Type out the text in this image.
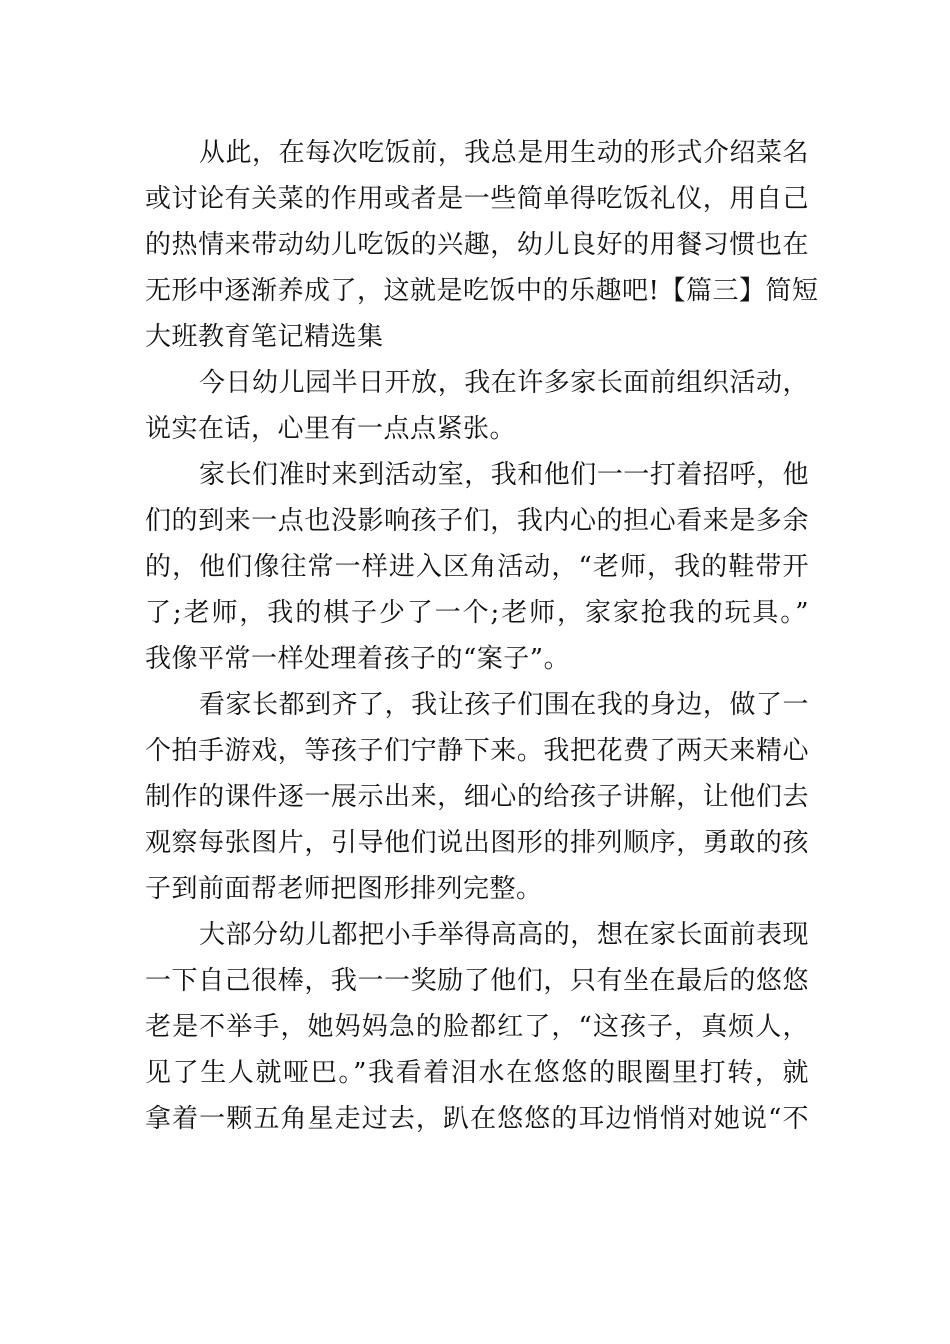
从此，在每次吃饭前，我总是用生动的形式介绍菜名
或讨论有关菜的作用或者是一些简单得吃饭礼仪，用自己
的热情来带动幼儿吃饭的兴趣，幼儿良好的用餐习惯也在
无形中逐渐养成了，这就是吃饭中的乐趣吧!【篇三】简短
大班教育笔记精选集
今日幼儿园半日开放，我在许多家长面前组织活动，
说实在话，心里有一点点紧张。
家长们准时来到活动室，我和他们一一打着招呼，他
们的到来一点也没影响孩子们，我内心的担心看来是多余
的，他们像往常一样进入区角活动，“老师，我的鞋带开
了;老师，我的棋子少了一个;老师，家家抢我的玩具。”
我像平常一样处理着孩子的“案子”。
看家长都到齐了，我让孩子们围在我的身边，做了一
个拍手游戏，等孩子们宁静下来。我把花费了两天来精心
制作的课件逐一展示出来，细心的给孩子讲解，让他们去
观察每张图片，引导他们说出图形的排列顺序，勇敢的孩
子到前面帮老师把图形排列完整。
大部分幼儿都把小手举得高高的，想在家长面前表现
一下自己很棒，我一一奖励了他们，只有坐在最后的悠悠
老是不举手，她妈妈急的脸都红了，“这孩子，真烦人，
见了生人就哑巴。”我看着泪水在悠悠的眼圈里打转，就
拿着一颗五角星走过去，趴在悠悠的耳边悄悄对她说“不
